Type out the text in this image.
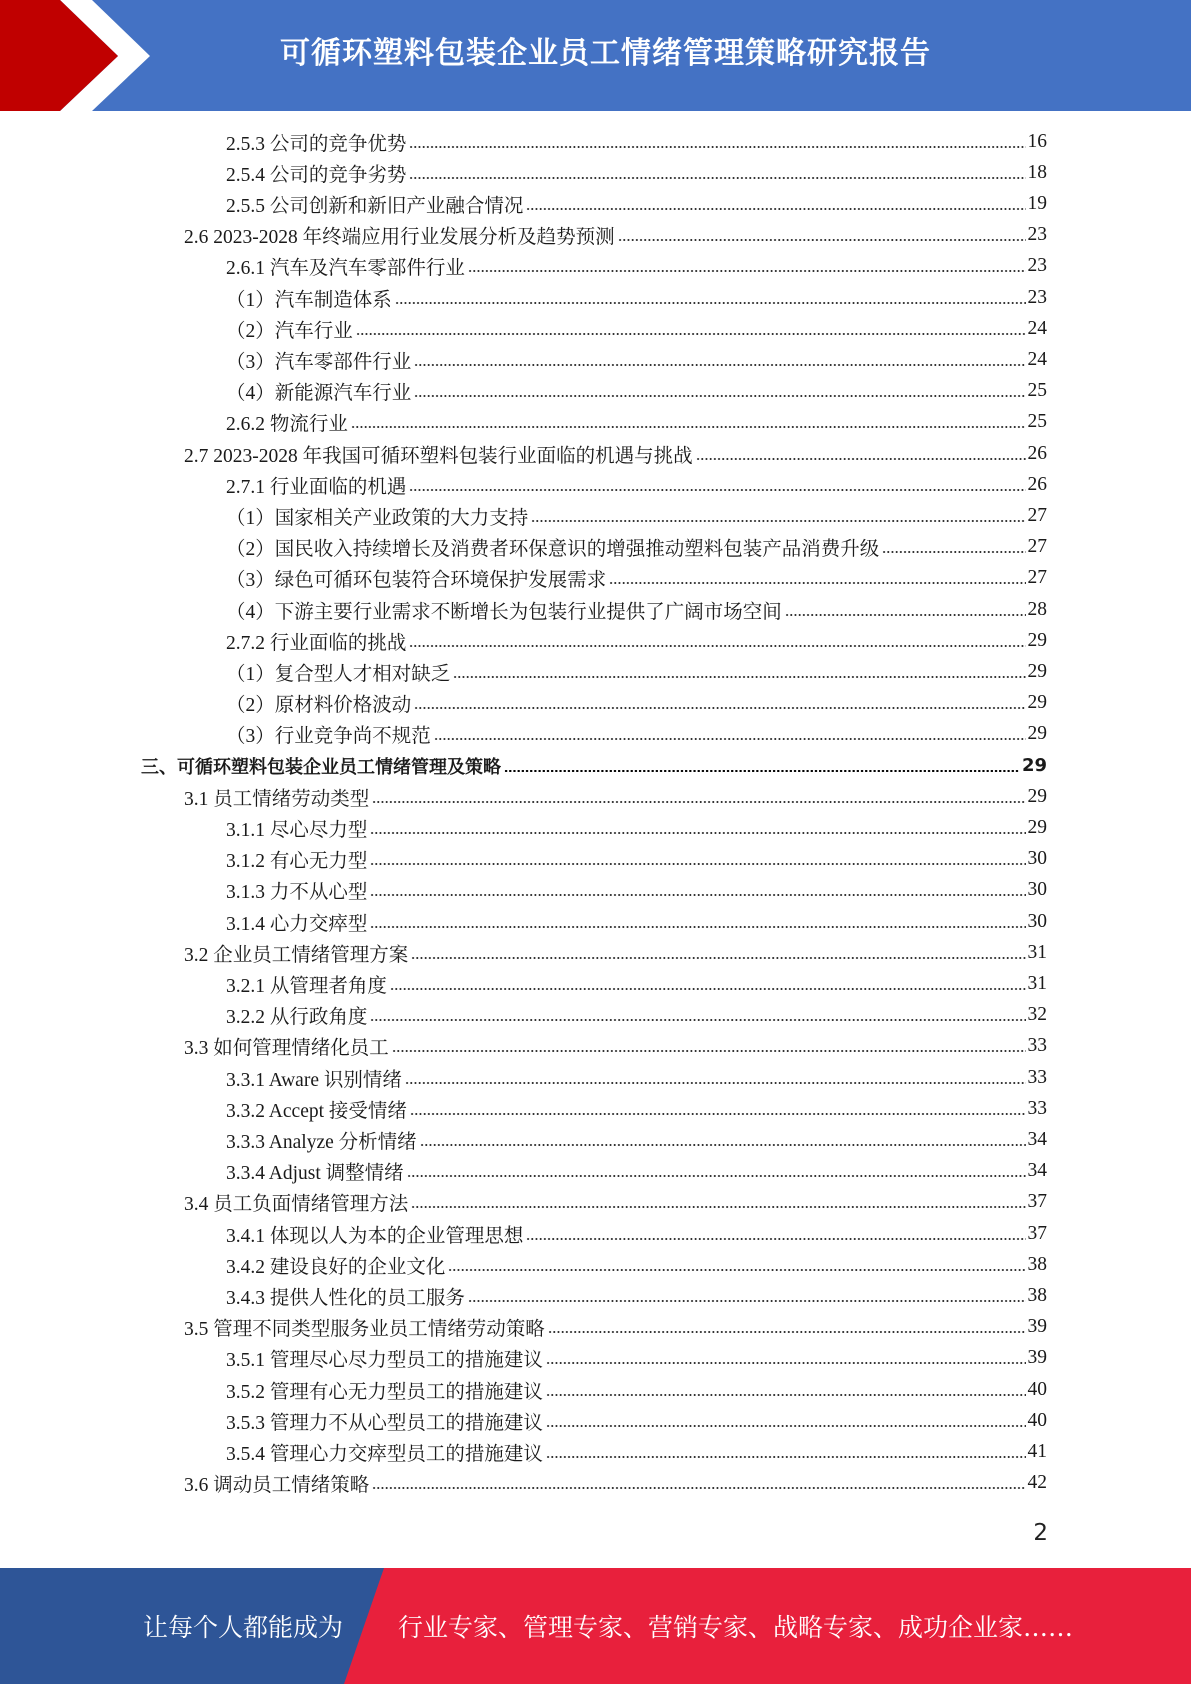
可循环塑料包装企业员工情绪管理策略研究报告
2.5.3 公司的竞争优势	16
2.5.4 公司的竞争劣势	18
2.5.5 公司创新和新旧产业融合情况	19
2.6 2023-2028 年终端应用行业发展分析及趋势预测	23
2.6.1 汽车及汽车零部件行业	23
（1）汽车制造体系	23
（2）汽车行业	24
（3）汽车零部件行业	24
（4）新能源汽车行业	25
2.6.2 物流行业	25
2.7 2023-2028 年我国可循环塑料包装行业面临的机遇与挑战	26
2.7.1 行业面临的机遇	26
（1）国家相关产业政策的大力支持	27
（2）国民收入持续增长及消费者环保意识的增强推动塑料包装产品消费升级	27
（3）绿色可循环包装符合环境保护发展需求	27
（4）下游主要行业需求不断增长为包装行业提供了广阔市场空间	28
2.7.2 行业面临的挑战	29
（1）复合型人才相对缺乏	29
（2）原材料价格波动	29
（3）行业竞争尚不规范	29
三、可循环塑料包装企业员工情绪管理及策略	29
3.1 员工情绪劳动类型	29
3.1.1 尽心尽力型	29
3.1.2 有心无力型	30
3.1.3 力不从心型	30
3.1.4 心力交瘁型	30
3.2 企业员工情绪管理方案	31
3.2.1 从管理者角度	31
3.2.2 从行政角度	32
3.3 如何管理情绪化员工	33
3.3.1 Aware 识别情绪	33
3.3.2 Accept 接受情绪	33
3.3.3 Analyze 分析情绪	34
3.3.4 Adjust 调整情绪	34
3.4 员工负面情绪管理方法	37
3.4.1 体现以人为本的企业管理思想	37
3.4.2 建设良好的企业文化	38
3.4.3 提供人性化的员工服务	38
3.5 管理不同类型服务业员工情绪劳动策略	39
3.5.1 管理尽心尽力型员工的措施建议	39
3.5.2 管理有心无力型员工的措施建议	40
3.5.3 管理力不从心型员工的措施建议	40
3.5.4 管理心力交瘁型员工的措施建议	41
3.6 调动员工情绪策略	42
2
让每个人都能成为 行业专家、管理专家、营销专家、战略专家、成功企业家……
